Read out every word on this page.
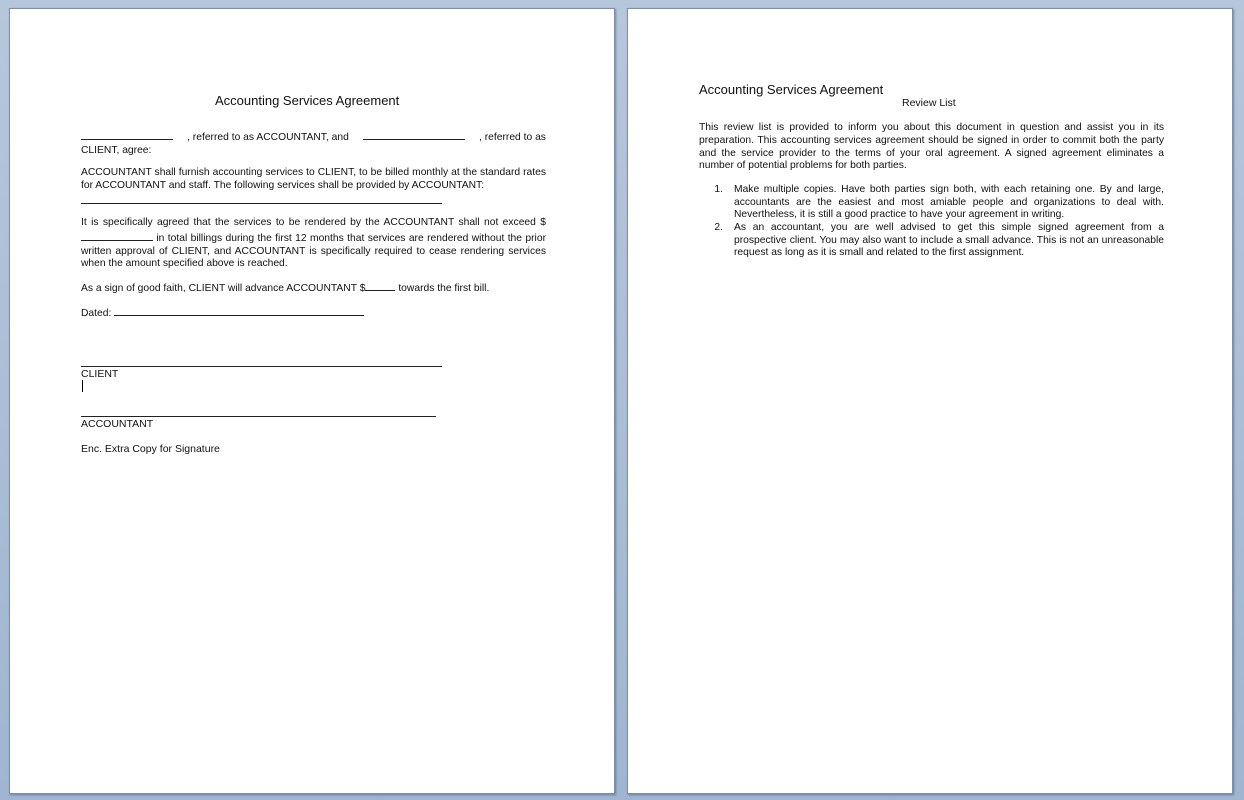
Accounting Services Agreement
, referred to as ACCOUNTANT, and	, referred to as
CLIENT, agree:
ACCOUNTANT shall furnish accounting services to CLIENT, to be billed monthly at the standard rates for ACCOUNTANT and staff. The following services shall be provided by ACCOUNTANT:
It is specifically agreed that the services to be rendered by the ACCOUNTANT shall not exceed $ in total billings during the first 12 months that services are rendered without the prior written approval of CLIENT, and ACCOUNTANT is specifically required to cease rendering services when the amount specified above is reached.
As a sign of good faith, CLIENT will advance ACCOUNTANT $	towards the first bill.
Dated:
CLIENT
ACCOUNTANT
Enc. Extra Copy for Signature
Accounting Services Agreement
Review List
This review list is provided to inform you about this document in question and assist you in its preparation. This accounting services agreement should be signed in order to commit both the party and the service provider to the terms of your oral agreement. A signed agreement eliminates a number of potential problems for both parties.
1. Make multiple copies. Have both parties sign both, with each retaining one. By and large, accountants are the easiest and most amiable people and organizations to deal with. Nevertheless, it is still a good practice to have your agreement in writing.
2. As an accountant, you are well advised to get this simple signed agreement from a prospective client. You may also want to include a small advance. This is not an unreasonable request as long as it is small and related to the first assignment.
